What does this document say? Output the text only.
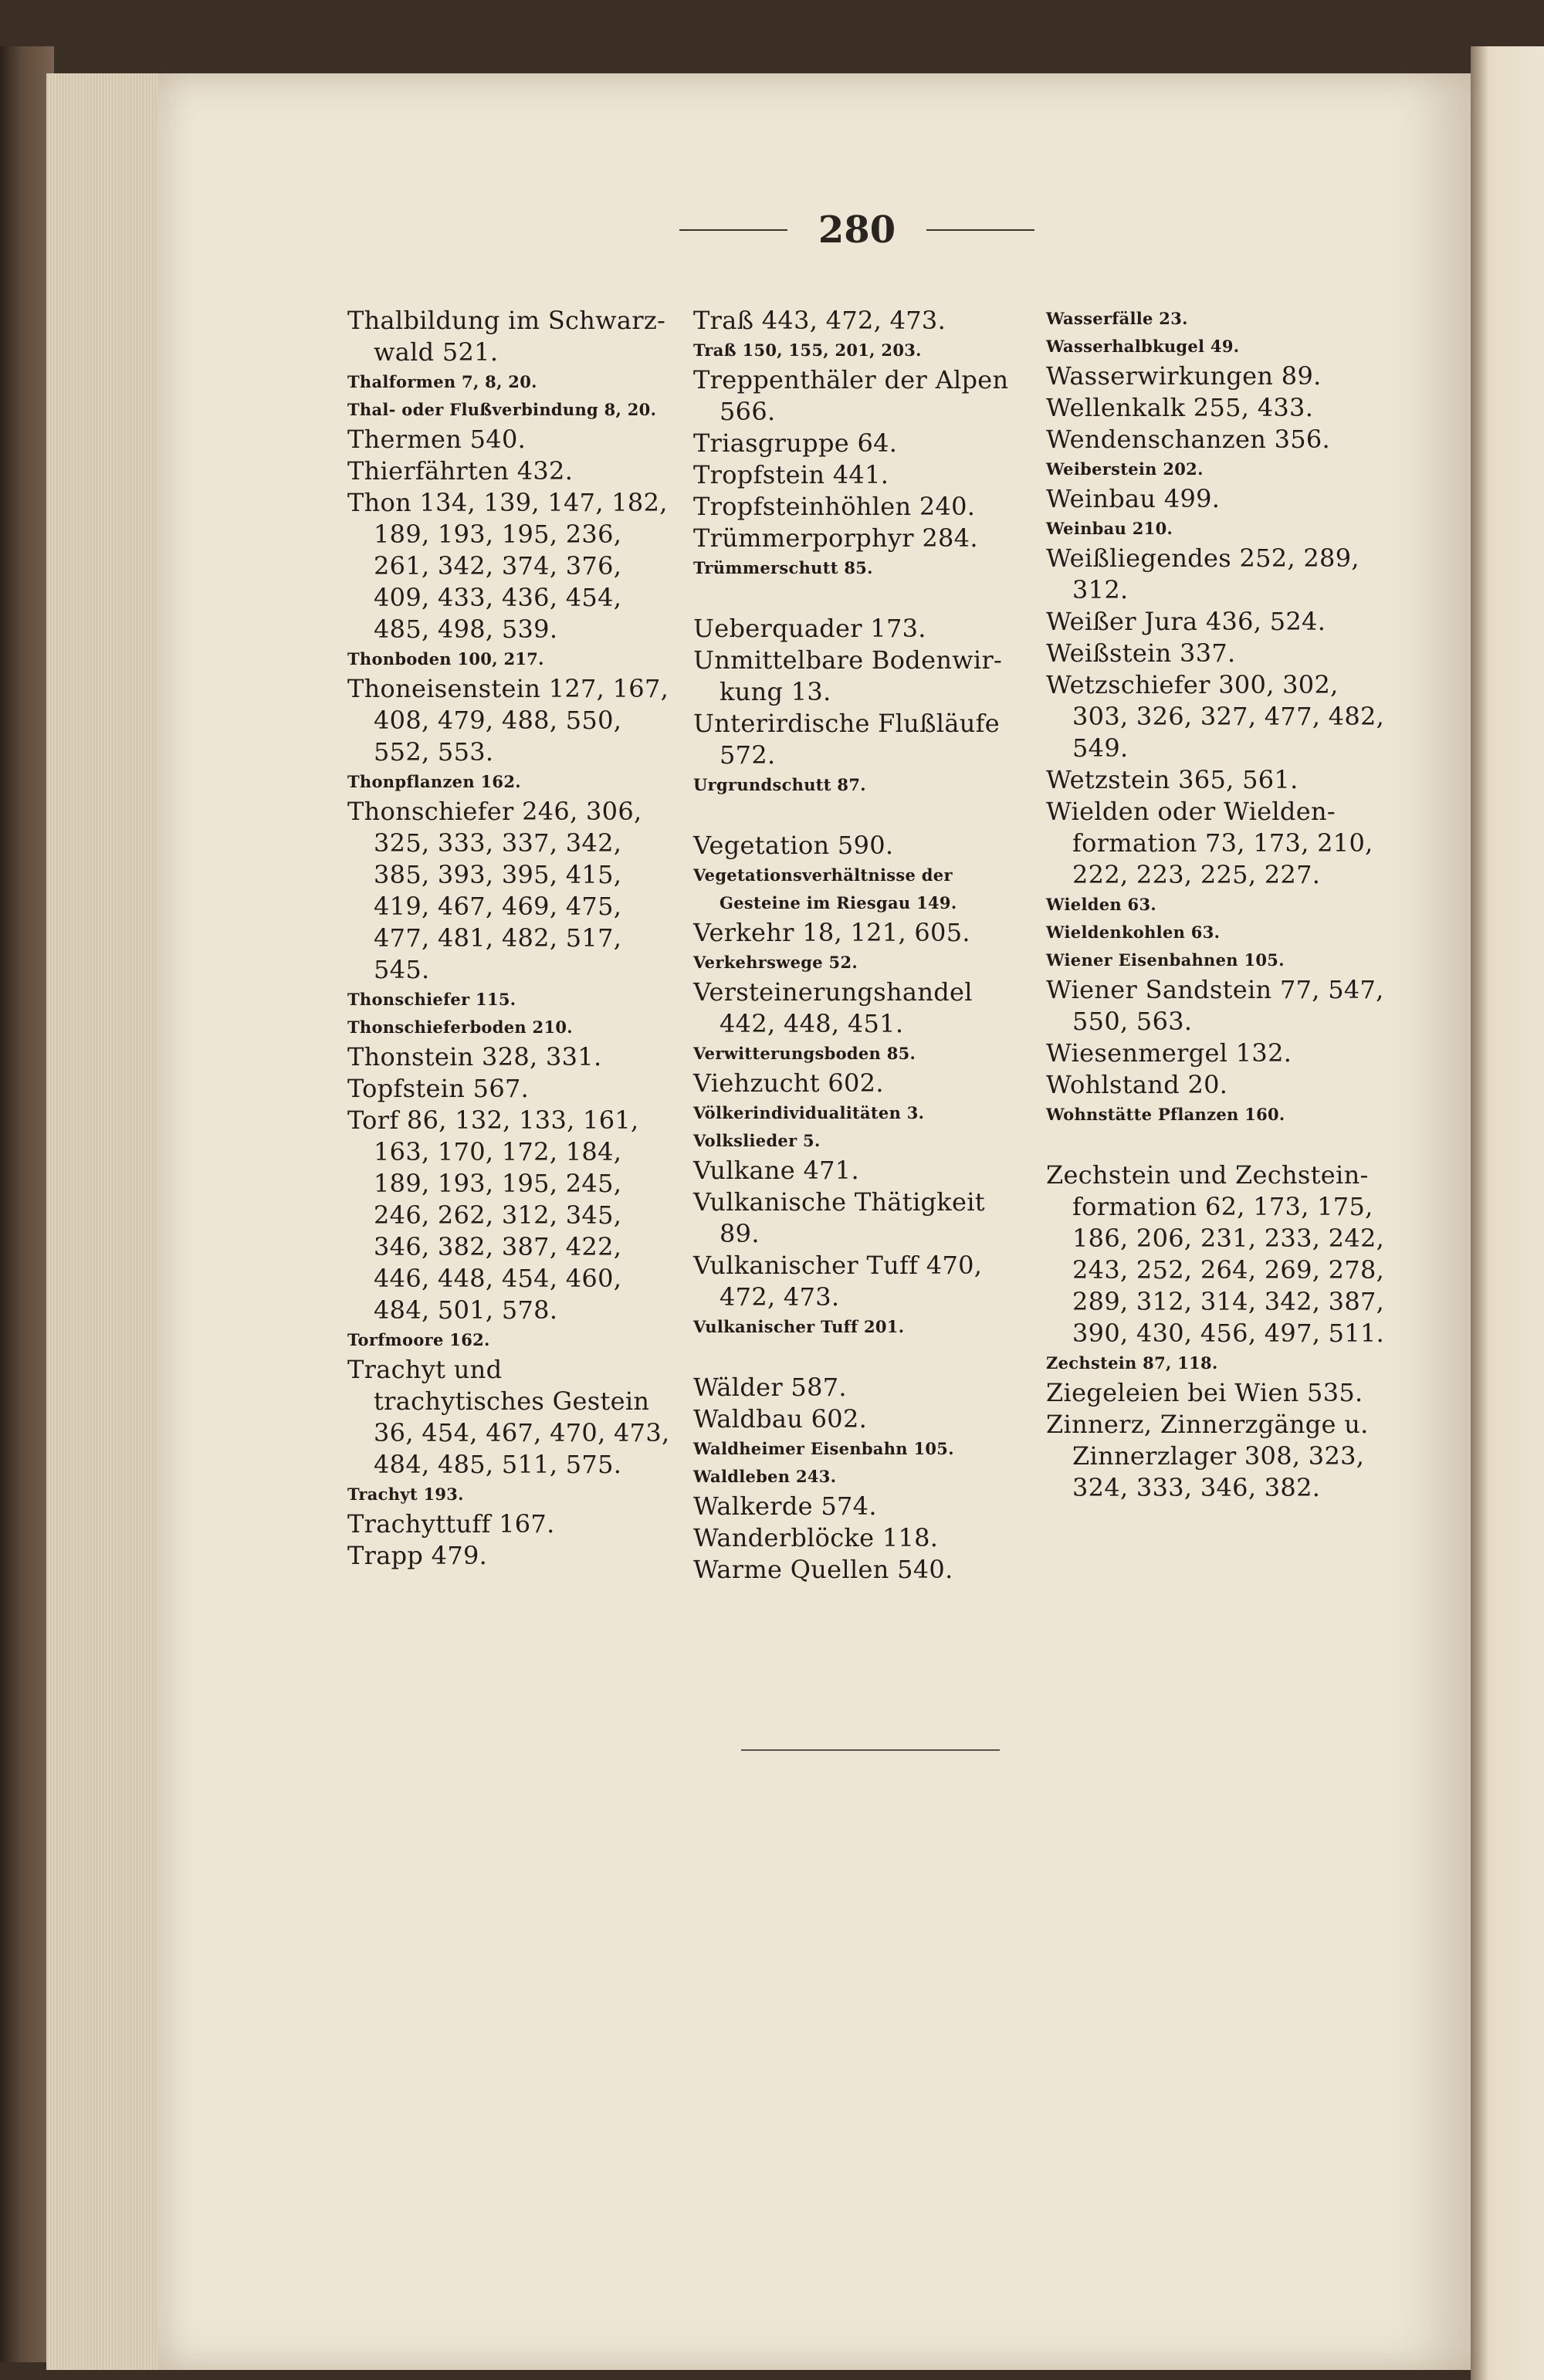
280
Thalbildung im Schwarz-wald 521.
Thalformen 7, 8, 20.
Thal- oder Flußverbindung 8, 20.
Thermen 540.
Thierfährten 432.
Thon 134, 139, 147, 182, 189, 193, 195, 236, 261, 342, 374, 376, 409, 433, 436, 454, 485, 498, 539.
Thonboden 100, 217.
Thoneisenstein 127, 167, 408, 479, 488, 550, 552, 553.
Thonpflanzen 162.
Thonschiefer 246, 306, 325, 333, 337, 342, 385, 393, 395, 415, 419, 467, 469, 475, 477, 481, 482, 517, 545.
Thonschiefer 115.
Thonschieferboden 210.
Thonstein 328, 331.
Topfstein 567.
Torf 86, 132, 133, 161, 163, 170, 172, 184, 189, 193, 195, 245, 246, 262, 312, 345, 346, 382, 387, 422, 446, 448, 454, 460, 484, 501, 578.
Torfmoore 162.
Trachyt und trachytisches Gestein 36, 454, 467, 470, 473, 484, 485, 511, 575.
Trachyt 193.
Trachyttuff 167.
Trapp 479.
Traß 443, 472, 473.
Traß 150, 155, 201, 203.
Treppenthäler der Alpen 566.
Triasgruppe 64.
Tropfstein 441.
Tropfsteinhöhlen 240.
Trümmerporphyr 284.
Trümmerschutt 85.
Ueberquader 173.
Unmittelbare Bodenwir-kung 13.
Unterirdische Flußläufe 572.
Urgrundschutt 87.
Vegetation 590.
Vegetationsverhältnisse der Gesteine im Riesgau 149.
Verkehr 18, 121, 605.
Verkehrswege 52.
Versteinerungshandel 442, 448, 451.
Verwitterungsboden 85.
Viehzucht 602.
Völkerindividualitäten 3.
Volkslieder 5.
Vulkane 471.
Vulkanische Thätigkeit 89.
Vulkanischer Tuff 470, 472, 473.
Vulkanischer Tuff 201.
Wälder 587.
Waldbau 602.
Waldheimer Eisenbahn 105.
Waldleben 243.
Walkerde 574.
Wanderblöcke 118.
Warme Quellen 540.
Wasserfälle 23.
Wasserhalbkugel 49.
Wasserwirkungen 89.
Wellenkalk 255, 433.
Wendenschanzen 356.
Weiberstein 202.
Weinbau 499.
Weinbau 210.
Weißliegendes 252, 289, 312.
Weißer Jura 436, 524.
Weißstein 337.
Wetzschiefer 300, 302, 303, 326, 327, 477, 482, 549.
Wetzstein 365, 561.
Wielden oder Wielden-formation 73, 173, 210, 222, 223, 225, 227.
Wielden 63.
Wieldenkohlen 63.
Wiener Eisenbahnen 105.
Wiener Sandstein 77, 547, 550, 563.
Wiesenmergel 132.
Wohlstand 20.
Wohnstätte Pflanzen 160.
Zechstein und Zechstein-formation 62, 173, 175, 186, 206, 231, 233, 242, 243, 252, 264, 269, 278, 289, 312, 314, 342, 387, 390, 430, 456, 497, 511.
Zechstein 87, 118.
Ziegeleien bei Wien 535.
Zinnerz, Zinnerzgänge u. Zinnerzlager 308, 323, 324, 333, 346, 382.
